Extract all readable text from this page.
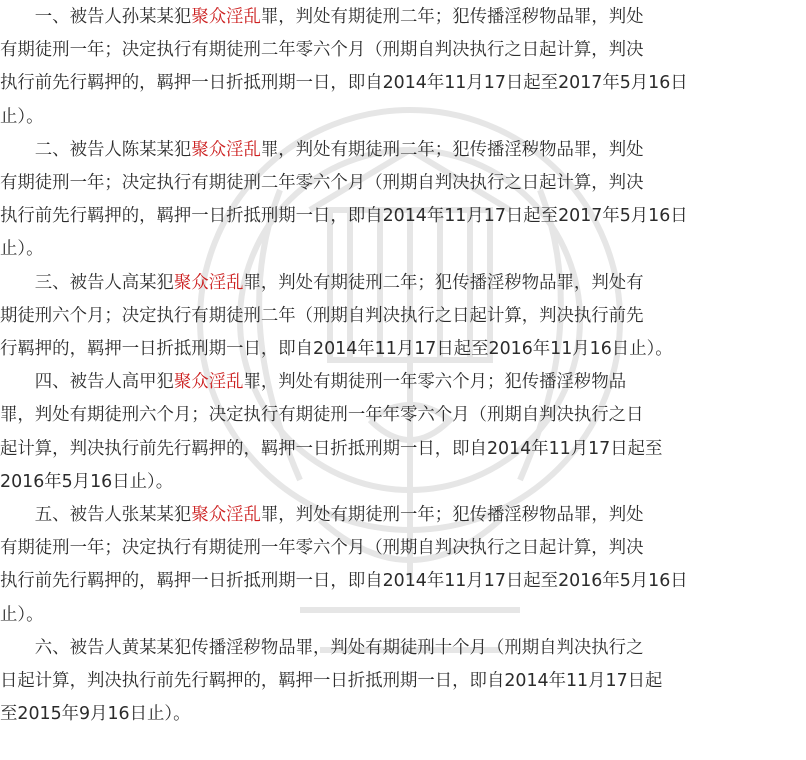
　　一、被告人孙某某犯聚众淫乱罪，判处有期徒刑二年；犯传播淫秽物品罪，判处

有期徒刑一年；决定执行有期徒刑二年零六个月（刑期自判决执行之日起计算，判决

执行前先行羁押的，羁押一日折抵刑期一日，即自2014年11月17日起至2017年5月16日

止）。

　　二、被告人陈某某犯聚众淫乱罪，判处有期徒刑二年；犯传播淫秽物品罪，判处

有期徒刑一年；决定执行有期徒刑二年零六个月（刑期自判决执行之日起计算，判决

执行前先行羁押的，羁押一日折抵刑期一日，即自2014年11月17日起至2017年5月16日

止）。

　　三、被告人高某犯聚众淫乱罪，判处有期徒刑二年；犯传播淫秽物品罪，判处有

期徒刑六个月；决定执行有期徒刑二年（刑期自判决执行之日起计算，判决执行前先

行羁押的，羁押一日折抵刑期一日，即自2014年11月17日起至2016年11月16日止）。

　　四、被告人高甲犯聚众淫乱罪，判处有期徒刑一年零六个月；犯传播淫秽物品

罪，判处有期徒刑六个月；决定执行有期徒刑一年年零六个月（刑期自判决执行之日

起计算，判决执行前先行羁押的，羁押一日折抵刑期一日，即自2014年11月17日起至

2016年5月16日止）。

　　五、被告人张某某犯聚众淫乱罪，判处有期徒刑一年；犯传播淫秽物品罪，判处

有期徒刑一年；决定执行有期徒刑一年零六个月（刑期自判决执行之日起计算，判决

执行前先行羁押的，羁押一日折抵刑期一日，即自2014年11月17日起至2016年5月16日

止）。

　　六、被告人黄某某犯传播淫秽物品罪，判处有期徒刑十个月（刑期自判决执行之

日起计算，判决执行前先行羁押的，羁押一日折抵刑期一日，即自2014年11月17日起

至2015年9月16日止）。
